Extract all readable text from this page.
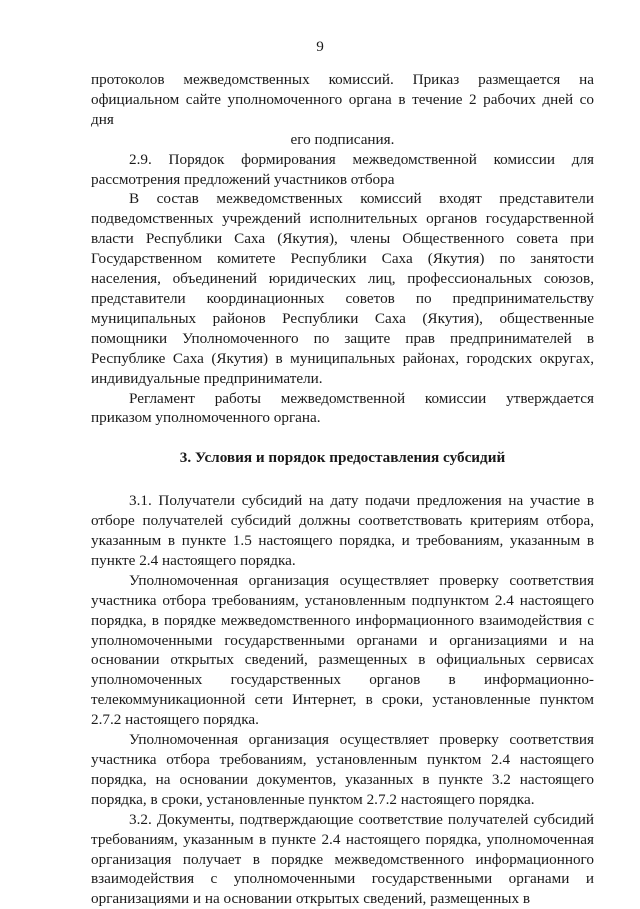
9

протоколов межведомственных комиссий. Приказ размещается на официальном сайте уполномоченного органа в течение 2 рабочих дней со дня

его подписания.

2.9. Порядок формирования межведомственной комиссии для рассмотрения предложений участников отбора

В состав межведомственных комиссий входят представители подведомственных учреждений исполнительных органов государственной власти Республики Саха (Якутия), члены Общественного совета при Государственном комитете Республики Саха (Якутия) по занятости населения, объединений юридических лиц, профессиональных союзов, представители координационных советов по предпринимательству муниципальных районов Республики Саха (Якутия), общественные помощники Уполномоченного по защите прав предпринимателей в Республике Саха (Якутия) в муниципальных районах, городских округах, индивидуальные предприниматели.

Регламент работы межведомственной комиссии утверждается приказом уполномоченного органа.

3. Условия и порядок предоставления субсидий

3.1. Получатели субсидий на дату подачи предложения на участие в отборе получателей субсидий должны соответствовать критериям отбора, указанным в пункте 1.5 настоящего порядка, и требованиям, указанным в пункте 2.4 настоящего порядка.

Уполномоченная организация осуществляет проверку соответствия участника отбора требованиям, установленным подпунктом 2.4 настоящего порядка, в порядке межведомственного информационного взаимодействия с уполномоченными государственными органами и организациями и на основании открытых сведений, размещенных в официальных сервисах уполномоченных государственных органов в информационно-телекоммуникационной сети Интернет, в сроки, установленные пунктом 2.7.2 настоящего порядка.

Уполномоченная организация осуществляет проверку соответствия участника отбора требованиям, установленным пунктом 2.4 настоящего порядка, на основании документов, указанных в пункте 3.2 настоящего порядка, в сроки, установленные пунктом 2.7.2 настоящего порядка.

3.2. Документы, подтверждающие соответствие получателей субсидий требованиям, указанным в пункте 2.4 настоящего порядка, уполномоченная организация получает в порядке межведомственного информационного взаимодействия с уполномоченными государственными органами и организациями и на основании открытых сведений, размещенных в
